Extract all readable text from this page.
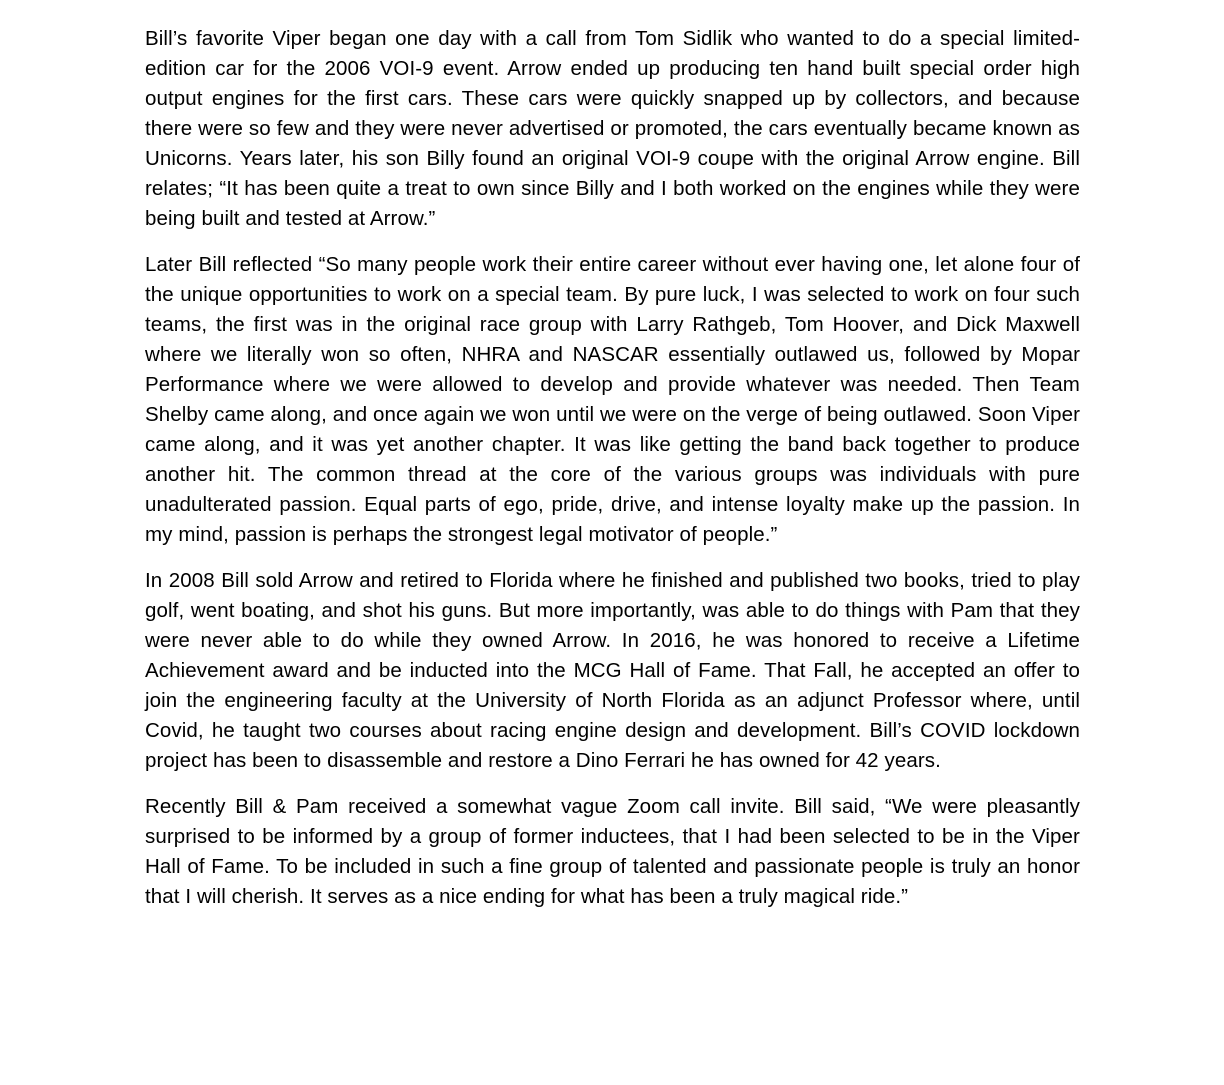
Bill’s favorite Viper began one day with a call from Tom Sidlik who wanted to do a special limited-edition car for the 2006 VOI-9 event. Arrow ended up producing ten hand built special order high output engines for the first cars. These cars were quickly snapped up by collectors, and because there were so few and they were never advertised or promoted, the cars eventually became known as Unicorns. Years later, his son Billy found an original VOI-9 coupe with the original Arrow engine. Bill relates; “It has been quite a treat to own since Billy and I both worked on the engines while they were being built and tested at Arrow.”

Later Bill reflected “So many people work their entire career without ever having one, let alone four of the unique opportunities to work on a special team. By pure luck, I was selected to work on four such teams, the first was in the original race group with Larry Rathgeb, Tom Hoover, and Dick Maxwell where we literally won so often, NHRA and NASCAR essentially outlawed us, followed by Mopar Performance where we were allowed to develop and provide whatever was needed. Then Team Shelby came along, and once again we won until we were on the verge of being outlawed. Soon Viper came along, and it was yet another chapter. It was like getting the band back together to produce another hit. The common thread at the core of the various groups was individuals with pure unadulterated passion. Equal parts of ego, pride, drive, and intense loyalty make up the passion. In my mind, passion is perhaps the strongest legal motivator of people.”

In 2008 Bill sold Arrow and retired to Florida where he finished and published two books, tried to play golf, went boating, and shot his guns. But more importantly, was able to do things with Pam that they were never able to do while they owned Arrow. In 2016, he was honored to receive a Lifetime Achievement award and be inducted into the MCG Hall of Fame. That Fall, he accepted an offer to join the engineering faculty at the University of North Florida as an adjunct Professor where, until Covid, he taught two courses about racing engine design and development. Bill’s COVID lockdown project has been to disassemble and restore a Dino Ferrari he has owned for 42 years.

Recently Bill & Pam received a somewhat vague Zoom call invite. Bill said, “We were pleasantly surprised to be informed by a group of former inductees, that I had been selected to be in the Viper Hall of Fame. To be included in such a fine group of talented and passionate people is truly an honor that I will cherish. It serves as a nice ending for what has been a truly magical ride.”
